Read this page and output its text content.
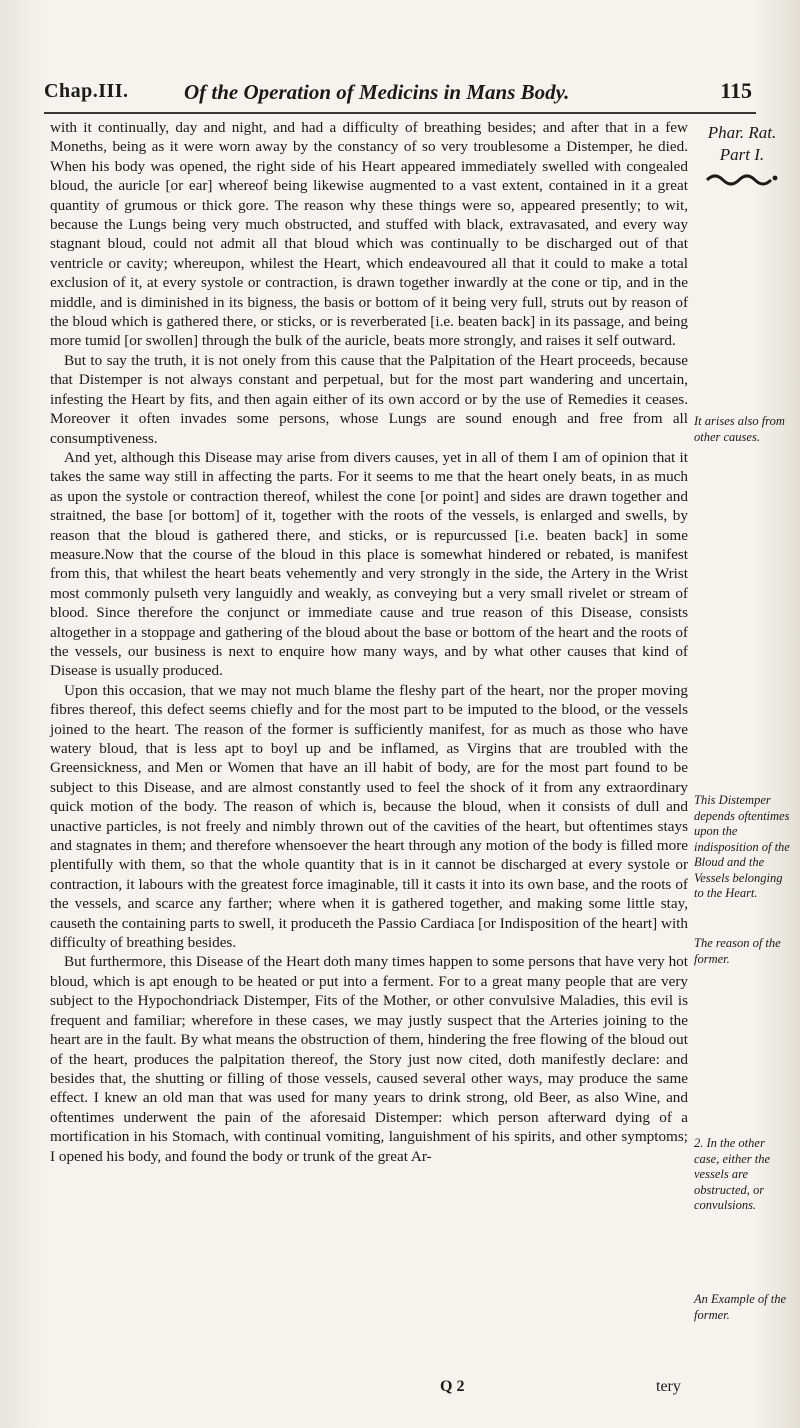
Chap.III.	Of the Operation of Medicins in Mans Body.	115
Phar. Rat.
Part I.

with it continually, day and night, and had a difficulty of breathing besides; and after that in a few Moneths, being as it were worn away by the constancy of so very troublesome a Distemper, he died. When his body was opened, the right side of his Heart appeared immediately swelled with congealed bloud, the auricle [or ear] whereof being likewise augmented to a vast extent, contained in it a great quantity of grumous or thick gore. The reason why these things were so, appeared presently; to wit, because the Lungs being very much obstructed, and stuffed with black, extravasated, and every way stagnant bloud, could not admit all that bloud which was continually to be discharged out of that ventricle or cavity; whereupon, whilest the Heart, which endeavoured all that it could to make a total exclusion of it, at every systole or contraction, is drawn together inwardly at the cone or tip, and in the middle, and is diminished in its bigness, the basis or bottom of it being very full, struts out by reason of the bloud which is gathered there, or sticks, or is reverberated [i.e. beaten back] in its passage, and being more tumid [or swollen] through the bulk of the auricle, beats more strongly, and raises it self outward.

But to say the truth, it is not onely from this cause that the Palpitation of the Heart proceeds, because that Distemper is not always constant and perpetual, but for the most part wandering and uncertain, infesting the Heart by fits, and then again either of its own accord or by the use of Remedies it ceases. Moreover it often invades some persons, whose Lungs are sound enough and free from all consumptiveness.

And yet, although this Disease may arise from divers causes, yet in all of them I am of opinion that it takes the same way still in affecting the parts. For it seems to me that the heart onely beats, in as much as upon the systole or contraction thereof, whilest the cone [or point] and sides are drawn together and straitned, the base [or bottom] of it, together with the roots of the vessels, is enlarged and swells, by reason that the bloud is gathered there, and sticks, or is repurcussed [i.e. beaten back] in some measure.Now that the course of the bloud in this place is somewhat hindered or rebated, is manifest from this, that whilest the heart beats vehemently and very strongly in the side, the Artery in the Wrist most commonly pulseth very languidly and weakly, as conveying but a very small rivelet or stream of blood. Since therefore the conjunct or immediate cause and true reason of this Disease, consists altogether in a stoppage and gathering of the bloud about the base or bottom of the heart and the roots of the vessels, our business is next to enquire how many ways, and by what other causes that kind of Disease is usually produced.

Upon this occasion, that we may not much blame the fleshy part of the heart, nor the proper moving fibres thereof, this defect seems chiefly and for the most part to be imputed to the blood, or the vessels joined to the heart. The reason of the former is sufficiently manifest, for as much as those who have watery bloud, that is less apt to boyl up and be inflamed, as Virgins that are troubled with the Greensickness, and Men or Women that have an ill habit of body, are for the most part found to be subject to this Disease, and are almost constantly used to feel the shock of it from any extraordinary quick motion of the body. The reason of which is, because the bloud, when it consists of dull and unactive particles, is not freely and nimbly thrown out of the cavities of the heart, but oftentimes stays and stagnates in them; and therefore whensoever the heart through any motion of the body is filled more plentifully with them, so that the whole quantity that is in it cannot be discharged at every systole or contraction, it labours with the greatest force imaginable, till it casts it into its own base, and the roots of the vessels, and scarce any farther; where when it is gathered together, and making some little stay, causeth the containing parts to swell, it produceth the Passio Cardiaca [or Indisposition of the heart] with difficulty of breathing besides.

But furthermore, this Disease of the Heart doth many times happen to some persons that have very hot bloud, which is apt enough to be heated or put into a ferment. For to a great many people that are very subject to the Hypochondriack Distemper, Fits of the Mother, or other convulsive Maladies, this evil is frequent and familiar; wherefore in these cases, we may justly suspect that the Arteries joining to the heart are in the fault. By what means the obstruction of them, hindering the free flowing of the bloud out of the heart, produces the palpitation thereof, the Story just now cited, doth manifestly declare: and besides that, the shutting or filling of those vessels, caused several other ways, may produce the same effect. I knew an old man that was used for many years to drink strong, old Beer, as also Wine, and oftentimes underwent the pain of the aforesaid Distemper: which person afterward dying of a mortification in his Stomach, with continual vomiting, languishment of his spirits, and other symptoms; I opened his body, and found the body or trunk of the great Ar-

It arises also from other causes.
This Distemper depends oftentimes upon the indisposition of the Bloud and the Vessels belonging to the Heart.
The reason of the former.
2. In the other case, either the vessels are obstructed, or convulsions.
An Example of the former.
Q 2	tery
